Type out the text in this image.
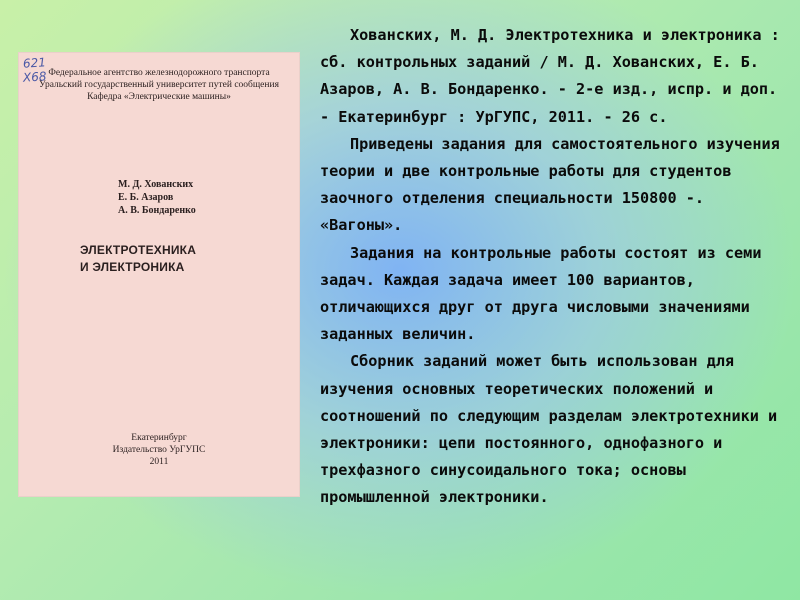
621
Х68 Федеральное агентство железнодорожного транспорта
Уральский государственный университет путей сообщения
Кафедра «Электрические машины»
М. Д. Хованских
Е. Б. Азаров
А. В. Бондаренко
ЭЛЕКТРОТЕХНИКА
И ЭЛЕКТРОНИКА
Екатеринбург
Издательство УрГУПС
2011

Хованских, М. Д. Электротехника и электроника : сб. контрольных заданий / М. Д. Хованских, Е. Б. Азаров, А. В. Бондаренко. - 2-е изд., испр. и доп. - Екатеринбург : УрГУПС, 2011. - 26 с.

Приведены задания для самостоятельного изучения теории и две контрольные работы для студентов заочного отделения специальности 150800 -. «Вагоны».

Задания на контрольные работы состоят из семи задач. Каждая задача имеет 100 вариантов, отличающихся друг от друга числовыми значениями заданных величин.

Сборник заданий может быть использован для изучения основных теоретических положений и соотношений по следующим разделам электротехники и электроники: цепи постоянного, однофазного и трехфазного синусоидального тока; основы промышленной электроники.
